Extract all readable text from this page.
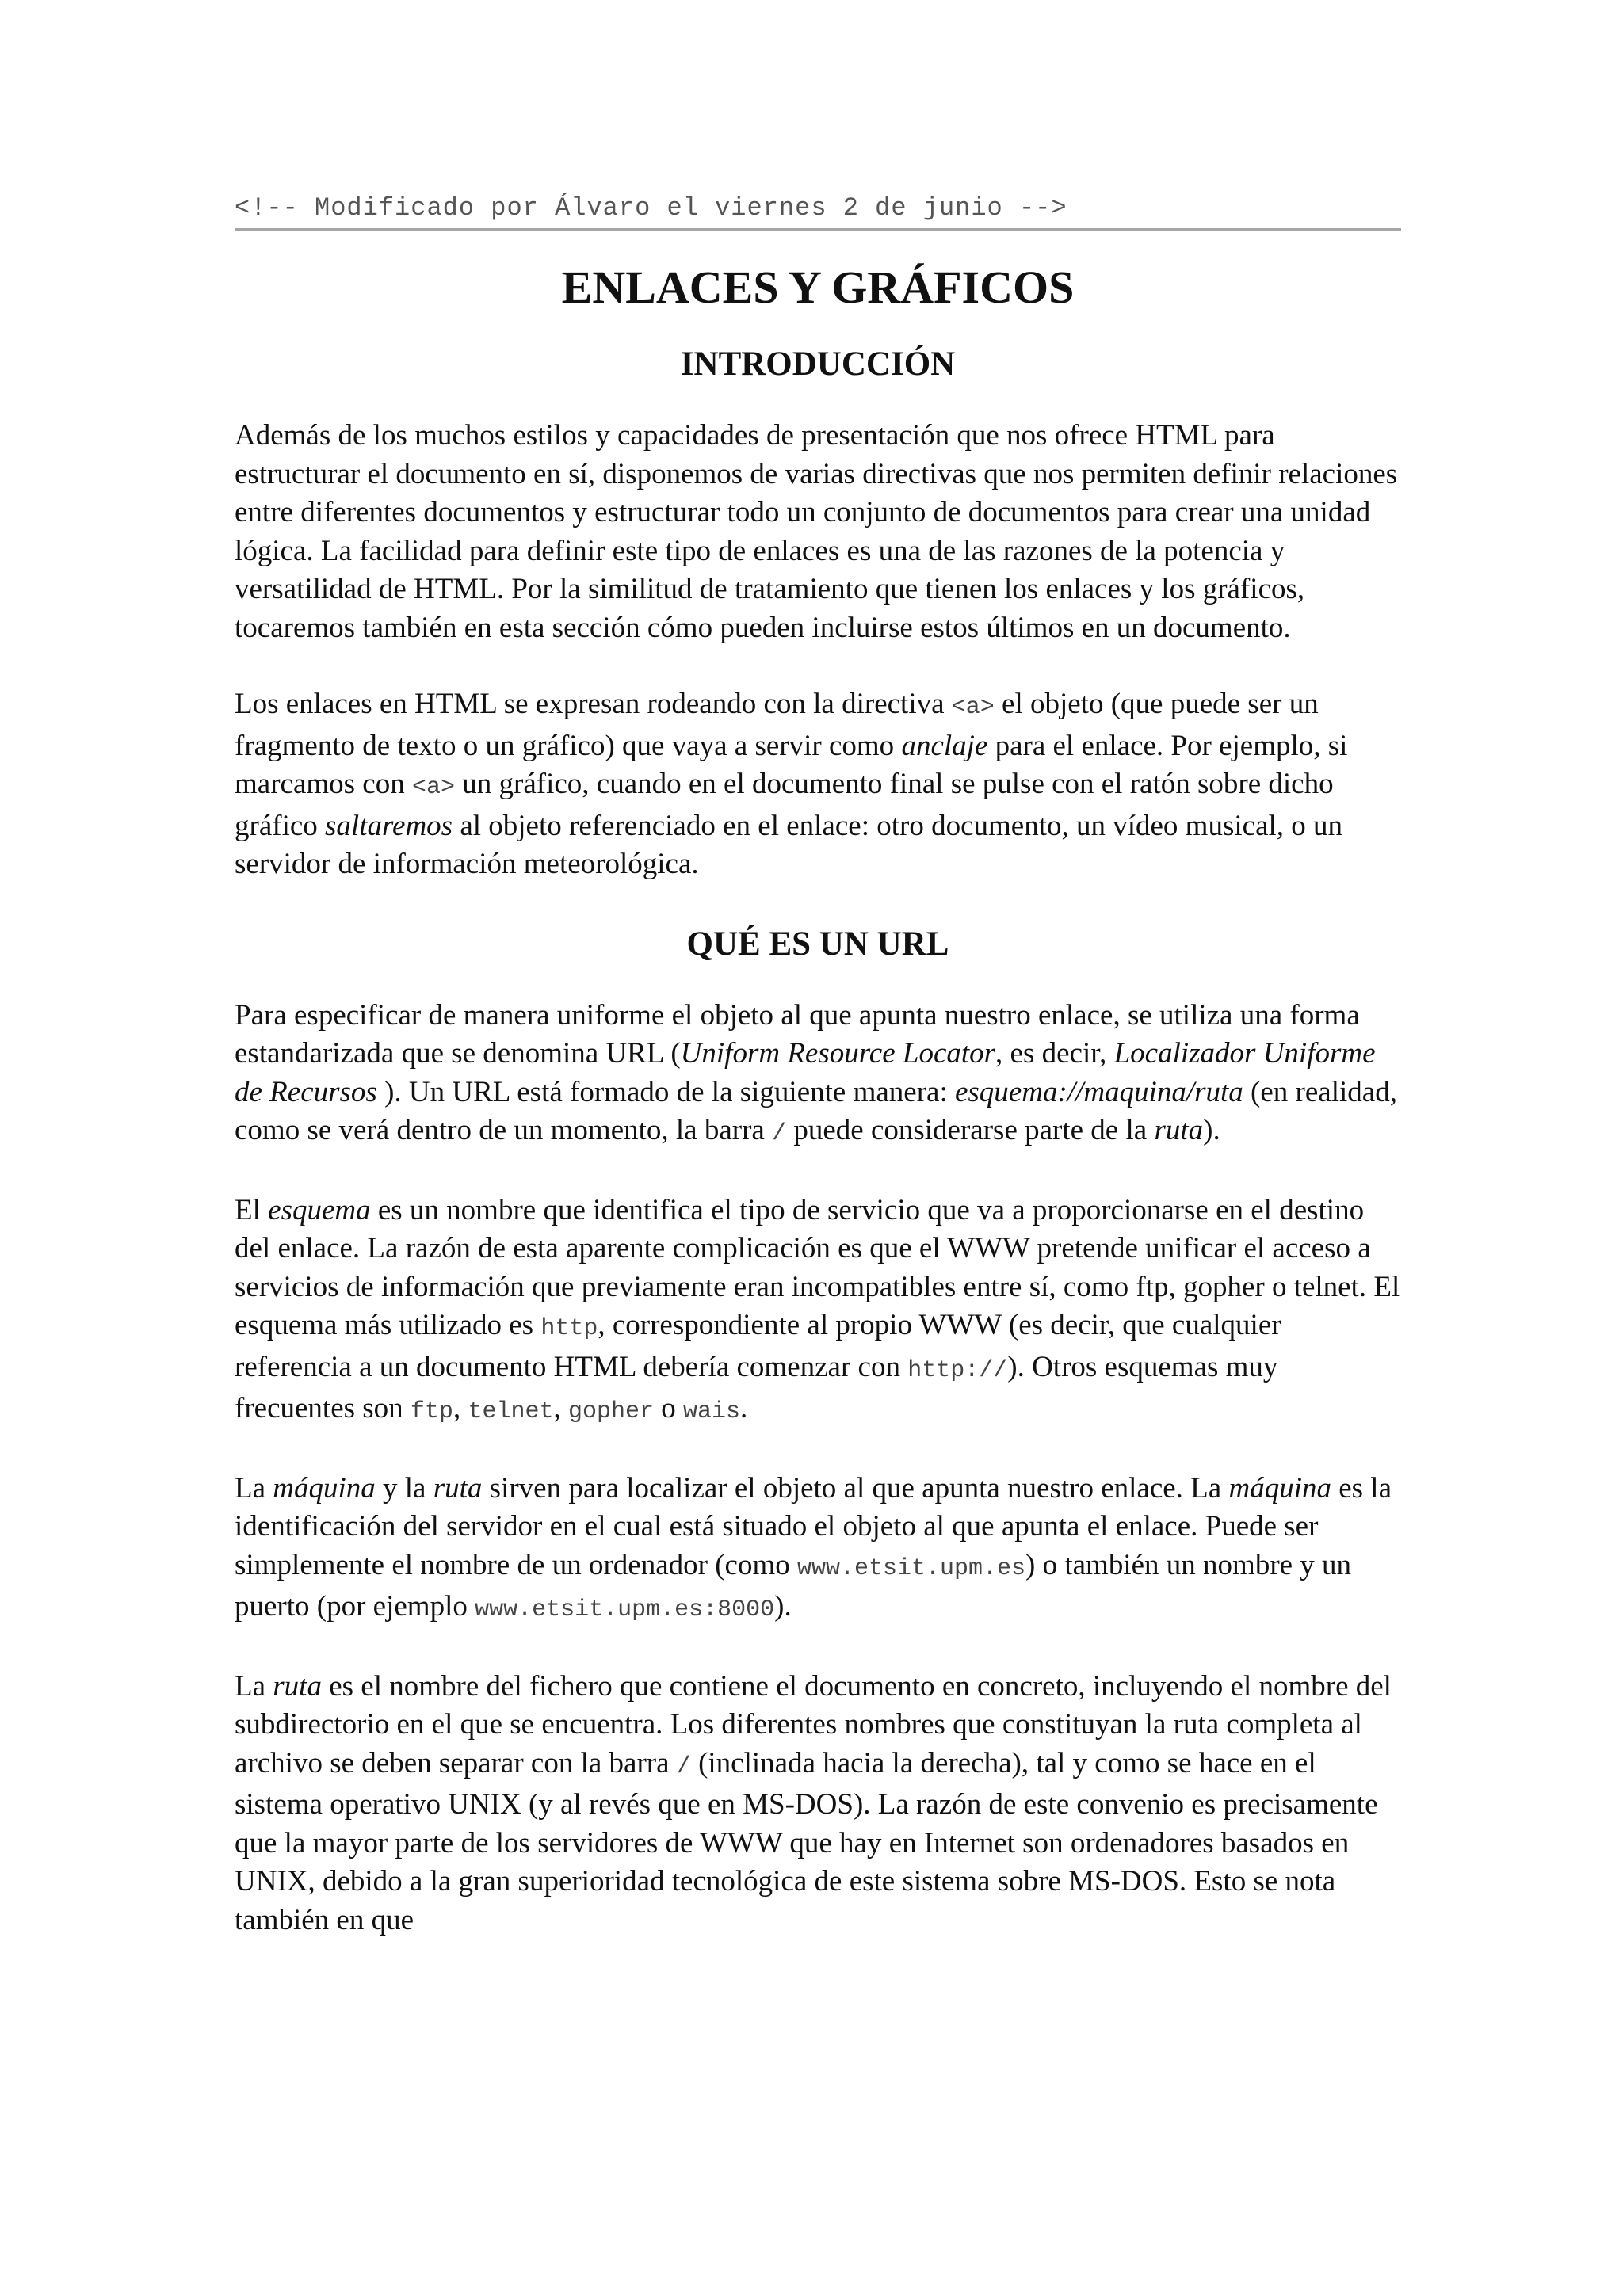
<!-- Modificado por Álvaro el viernes 2 de junio -->
ENLACES Y GRÁFICOS
INTRODUCCIÓN

Además de los muchos estilos y capacidades de presentación que nos ofrece HTML para estructurar el documento en sí, disponemos de varias directivas que nos permiten definir relaciones entre diferentes documentos y estructurar todo un conjunto de documentos para crear una unidad lógica. La facilidad para definir este tipo de enlaces es una de las razones de la potencia y versatilidad de HTML. Por la similitud de tratamiento que tienen los enlaces y los gráficos, tocaremos también en esta sección cómo pueden incluirse estos últimos en un documento.

Los enlaces en HTML se expresan rodeando con la directiva <a> el objeto (que puede ser un fragmento de texto o un gráfico) que vaya a servir como anclaje para el enlace. Por ejemplo, si marcamos con <a> un gráfico, cuando en el documento final se pulse con el ratón sobre dicho gráfico saltaremos al objeto referenciado en el enlace: otro documento, un vídeo musical, o un servidor de información meteorológica.

QUÉ ES UN URL

Para especificar de manera uniforme el objeto al que apunta nuestro enlace, se utiliza una forma estandarizada que se denomina URL (Uniform Resource Locator, es decir, Localizador Uniforme de Recursos ). Un URL está formado de la siguiente manera: esquema://maquina/ruta (en realidad, como se verá dentro de un momento, la barra / puede considerarse parte de la ruta).

El esquema es un nombre que identifica el tipo de servicio que va a proporcionarse en el destino del enlace. La razón de esta aparente complicación es que el WWW pretende unificar el acceso a servicios de información que previamente eran incompatibles entre sí, como ftp, gopher o telnet. El esquema más utilizado es http, correspondiente al propio WWW (es decir, que cualquier referencia a un documento HTML debería comenzar con http://). Otros esquemas muy frecuentes son ftp, telnet, gopher o wais.

La máquina y la ruta sirven para localizar el objeto al que apunta nuestro enlace. La máquina es la identificación del servidor en el cual está situado el objeto al que apunta el enlace. Puede ser simplemente el nombre de un ordenador (como www.etsit.upm.es) o también un nombre y un puerto (por ejemplo www.etsit.upm.es:8000).

La ruta es el nombre del fichero que contiene el documento en concreto, incluyendo el nombre del subdirectorio en el que se encuentra. Los diferentes nombres que constituyan la ruta completa al archivo se deben separar con la barra / (inclinada hacia la derecha), tal y como se hace en el sistema operativo UNIX (y al revés que en MS-DOS). La razón de este convenio es precisamente que la mayor parte de los servidores de WWW que hay en Internet son ordenadores basados en UNIX, debido a la gran superioridad tecnológica de este sistema sobre MS-DOS. Esto se nota también en que
